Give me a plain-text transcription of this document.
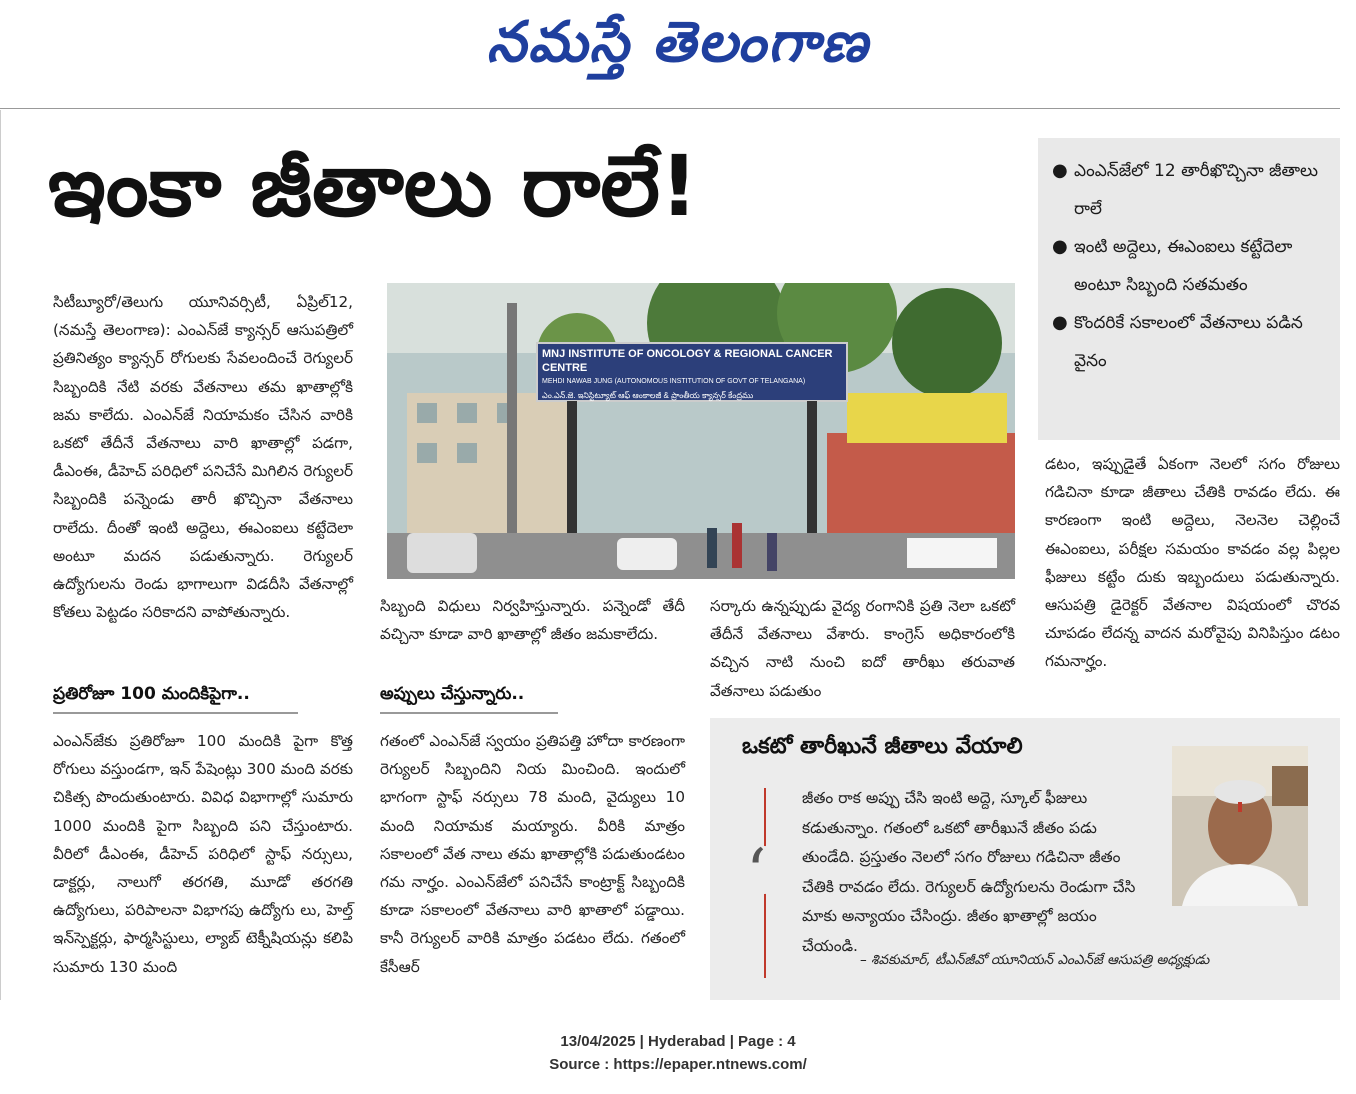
నమస్తే తెలంగాణ
ఇంకా జీతాలు రాలే!	● ఎంఎన్‌జేలో 12 తారీఖొచ్చినా జీతాలు రాలే
● ఇంటి అద్దెలు, ఈఎంఐలు కట్టేదెలా అంటూ సిబ్బంది సతమతం
● కొందరికే సకాలంలో వేతనాలు పడిన వైనం
MNJ INSTITUTE OF ONCOLOGY & REGIONAL CANCER CENTRE
MEHDI NAWAB JUNG (AUTONOMOUS INSTITUTION OF GOVT OF TELANGANA)
ఎం.ఎన్.జె. ఇనిస్టిట్యూట్ ఆఫ్ ఆంకాలజీ & ప్రాంతీయ క్యాన్సర్ కేంద్రము

సిటీబ్యూరో/తెలుగు యూనివర్సిటీ, ఏప్రిల్12,(నమస్తే తెలంగాణ): ఎంఎన్‌జే క్యాన్సర్ ఆసుపత్రిలో ప్రతినిత్యం క్యాన్సర్ రోగులకు సేవలందించే రెగ్యులర్ సిబ్బందికి నేటి వరకు వేతనాలు తమ ఖాతాల్లోకి జమ కాలేదు. ఎంఎన్‌జే నియామకం చేసిన వారికి ఒకటో తేదీనే వేతనాలు వారి ఖాతాల్లో పడగా, డీఎంఈ, డీహెచ్ పరిధిలో పనిచేసే మిగిలిన రెగ్యులర్ సిబ్బందికి పన్నెండు తారీ ఖొచ్చినా వేతనాలు రాలేదు. దీంతో ఇంటి అద్దెలు, ఈఎంఐలు కట్టేదెలా అంటూ మదన పడుతున్నారు. రెగ్యులర్ ఉద్యోగులను రెండు భాగాలుగా విడదీసి వేతనాల్లో కోతలు పెట్టడం సరికాదని వాపోతున్నారు.

ప్రతిరోజూ 100 మందికిపైగా..

ఎంఎన్‌జేకు ప్రతిరోజూ 100 మందికి పైగా కొత్త రోగులు వస్తుండగా, ఇన్ పేషెంట్లు 300 మంది వరకు చికిత్స పొందుతుంటారు. వివిధ విభాగాల్లో సుమారు 1000 మందికి పైగా సిబ్బంది పని చేస్తుంటారు. వీరిలో డీఎంఈ, డీహెచ్ పరిధిలో స్టాఫ్ నర్సులు, డాక్టర్లు, నాలుగో తరగతి, మూడో తరగతి ఉద్యోగులు, పరిపాలనా విభాగపు ఉద్యోగు లు, హెల్త్ ఇన్‌స్పెక్టర్లు, ఫార్మసిస్టులు, ల్యాబ్ టెక్నీషియన్లు కలిపి సుమారు 130 మంది

సిబ్బంది విధులు నిర్వహిస్తున్నారు. పన్నెండో తేదీ వచ్చినా కూడా వారి ఖాతాల్లో జీతం జమకాలేదు.

అప్పులు చేస్తున్నారు..

గతంలో ఎంఎన్‌జే స్వయం ప్రతిపత్తి హోదా కారణంగా రెగ్యులర్ సిబ్బందిని నియ మించింది. ఇందులో భాగంగా స్టాఫ్ నర్సులు 78 మంది, వైద్యులు 10 మంది నియామక మయ్యారు. వీరికి మాత్రం సకాలంలో వేత నాలు తమ ఖాతాల్లోకి పడుతుండటం గమ నార్హం. ఎంఎన్‌జేలో పనిచేసే కాంట్రాక్ట్ సిబ్బందికి కూడా సకాలంలో వేతనాలు వారి ఖాతాలో పడ్డాయి. కానీ రెగ్యులర్ వారికి మాత్రం పడటం లేదు. గతంలో కేసీఆర్

సర్కారు ఉన్నప్పుడు వైద్య రంగానికి ప్రతి నెలా ఒకటో తేదీనే వేతనాలు వేశారు. కాంగ్రెస్ అధికారంలోకి వచ్చిన నాటి నుంచి ఐదో తారీఖు తరువాత వేతనాలు పడుతుం

డటం, ఇప్పుడైతే ఏకంగా నెలలో సగం రోజులు గడిచినా కూడా జీతాలు చేతికి రావడం లేదు. ఈ కారణంగా ఇంటి అద్దెలు, నెలనెల చెల్లించే ఈఎంఐలు, పరీక్షల సమయం కావడం వల్ల పిల్లల ఫీజులు కట్టేం దుకు ఇబ్బందులు పడుతున్నారు. ఆసుపత్రి డైరెక్టర్ వేతనాల విషయంలో చొరవ చూపడం లేదన్న వాదన మరోవైపు వినిపిస్తుం డటం గమనార్హం.

ఒకటో తారీఖునే జీతాలు వేయాలి
‘
జీతం రాక అప్పు చేసి ఇంటి అద్దె, స్కూల్ ఫీజులు కడుతున్నాం. గతంలో ఒకటో తారీఖునే జీతం పడు తుండేది. ప్రస్తుతం నెలలో సగం రోజులు గడిచినా జీతం చేతికి రావడం లేదు. రెగ్యులర్ ఉద్యోగులను రెండుగా చేసి మాకు అన్యాయం చేసింద్రు. జీతం ఖాతాల్లో జయం చేయండి.
– శివకుమార్, టీఎన్‌జీవో యూనియన్ ఎంఎన్‌జే ఆసుపత్రి అధ్యక్షుడు
13/04/2025 | Hyderabad | Page : 4
Source : https://epaper.ntnews.com/
